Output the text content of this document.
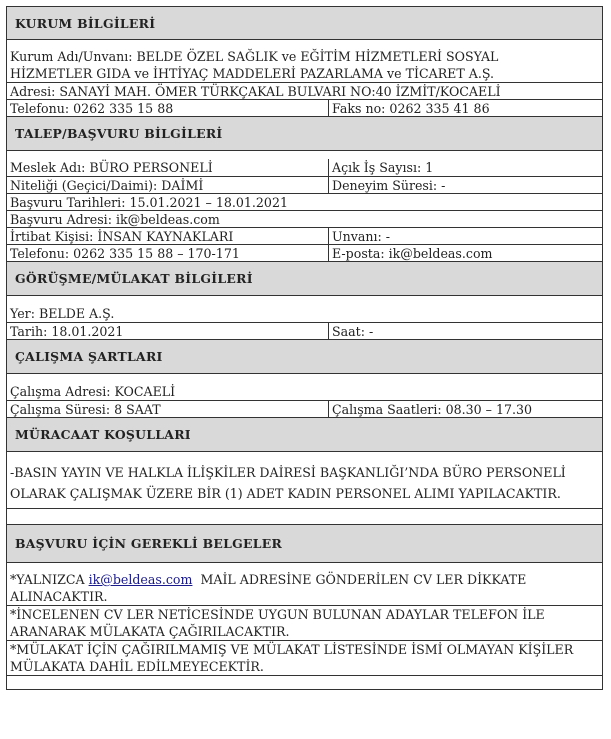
KURUM BİLGİLERİ
Kurum Adı/Unvanı: BELDE ÖZEL SAĞLIK ve EĞİTİM HİZMETLERİ SOSYAL
HİZMETLER GIDA ve İHTİYAÇ MADDELERİ PAZARLAMA ve TİCARET A.Ş.
Adresi: SANAYİ MAH. ÖMER TÜRKÇAKAL BULVARI NO:40 İZMİT/KOCAELİ
Telefonu: 0262 335 15 88	Faks no: 0262 335 41 86
TALEP/BAŞVURU BİLGİLERİ
Meslek Adı: BÜRO PERSONELİ	Açık İş Sayısı: 1
Niteliği (Geçici/Daimi): DAİMİ	Deneyim Süresi: -
Başvuru Tarihleri: 15.01.2021 – 18.01.2021
Başvuru Adresi: ik@beldeas.com
İrtibat Kişisi: İNSAN KAYNAKLARI	Unvanı: -
Telefonu: 0262 335 15 88 – 170-171	E-posta: ik@beldeas.com
GÖRÜŞME/MÜLAKAT BİLGİLERİ
Yer: BELDE A.Ş.
Tarih: 18.01.2021	Saat: -
ÇALIŞMA ŞARTLARI
Çalışma Adresi: KOCAELİ
Çalışma Süresi: 8 SAAT	Çalışma Saatleri: 08.30 – 17.30
MÜRACAAT KOŞULLARI
-BASIN YAYIN VE HALKLA İLİŞKİLER DAİRESİ BAŞKANLIĞI’NDA BÜRO PERSONELİ
OLARAK ÇALIŞMAK ÜZERE BİR (1) ADET KADIN PERSONEL ALIMI YAPILACAKTIR.
BAŞVURU İÇİN GEREKLİ BELGELER
*YALNIZCA ik@beldeas.com  MAİL ADRESİNE GÖNDERİLEN CV LER DİKKATE
ALINACAKTIR.
*İNCELENEN CV LER NETİCESİNDE UYGUN BULUNAN ADAYLAR TELEFON İLE
ARANARAK MÜLAKATA ÇAĞIRILACAKTIR.
*MÜLAKAT İÇİN ÇAĞIRILMAMIŞ VE MÜLAKAT LİSTESİNDE İSMİ OLMAYAN KİŞİLER
MÜLAKATA DAHİL EDİLMEYECEKTİR.
